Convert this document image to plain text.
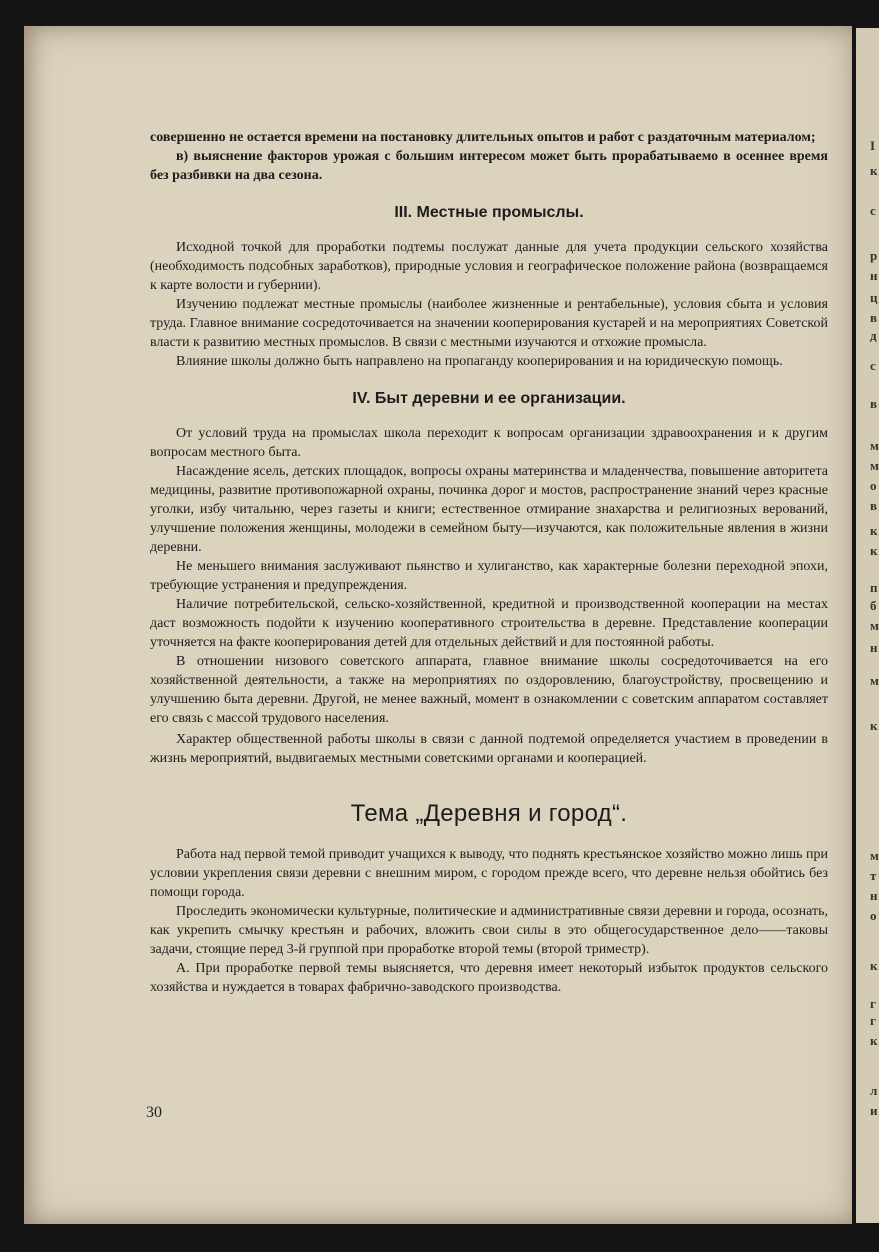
I
к
с
р
н
ц
в
д
с
в
м
м
о
в
к
к
п
б
м
н
м
к
м
т
н
о
к
г
г
к
л
и

совершенно не остается времени на постановку длительных опытов и работ с раздаточным материалом;

в) выяснение факторов урожая с большим интересом может быть прорабатываемо в осеннее время без разбивки на два сезона.

III. Местные промыслы.

Исходной точкой для проработки подтемы послужат данные для учета продукции сельского хозяйства (необходимость подсобных заработков), природные условия и географическое положение района (возвращаемся к карте волости и губернии).

Изучению подлежат местные промыслы (наиболее жизненные и рентабельные), условия сбыта и условия труда. Главное внимание сосредоточивается на значении кооперирования кустарей и на мероприятиях Советской власти к развитию местных промыслов. В связи с местными изучаются и отхожие промысла.

Влияние школы должно быть направлено на пропаганду кооперирования и на юридическую помощь.

IV. Быт деревни и ее организации.

От условий труда на промыслах школа переходит к вопросам организации здравоохранения и к другим вопросам местного быта.

Насаждение ясель, детских площадок, вопросы охраны материнства и младенчества, повышение авторитета медицины, развитие противопожарной охраны, починка дорог и мостов, распространение знаний через красные уголки, избу читальню, через газеты и книги; естественное отмирание знахарства и религиозных верований, улучшение положения женщины, молодежи в семейном быту—изучаются, как положительные явления в жизни деревни.

Не меньшего внимания заслуживают пьянство и хулиганство, как характерные болезни переходной эпохи, требующие устранения и предупреждения.

Наличие потребительской, сельско-хозяйственной, кредитной и производственной кооперации на местах даст возможность подойти к изучению кооперативного строительства в деревне. Представление кооперации уточняется на факте кооперирования детей для отдельных действий и для постоянной работы.

В отношении низового советского аппарата, главное внимание школы сосредоточивается на его хозяйственной деятельности, а также на мероприятиях по оздоровлению, благоустройству, просвещению и улучшению быта деревни. Другой, не менее важный, момент в ознакомлении с советским аппаратом составляет его связь с массой трудового населения.

Характер общественной работы школы в связи с данной подтемой определяется участием в проведении в жизнь мероприятий, выдвигаемых местными советскими органами и кооперацией.

Тема „Деревня и город“.

Работа над первой темой приводит учащихся к выводу, что поднять крестьянское хозяйство можно лишь при условии укрепления связи деревни с внешним миром, с городом прежде всего, что деревне нельзя обойтись без помощи города.

Проследить экономически культурные, политические и административные связи деревни и города, осознать, как укрепить смычку крестьян и рабочих, вложить свои силы в это общегосударственное дело——таковы задачи, стоящие перед 3-й группой при проработке второй темы (второй триместр).

А. При проработке первой темы выясняется, что деревня имеет некоторый избыток продуктов сельского хозяйства и нуждается в товарах фабрично-заводского производства.

30
